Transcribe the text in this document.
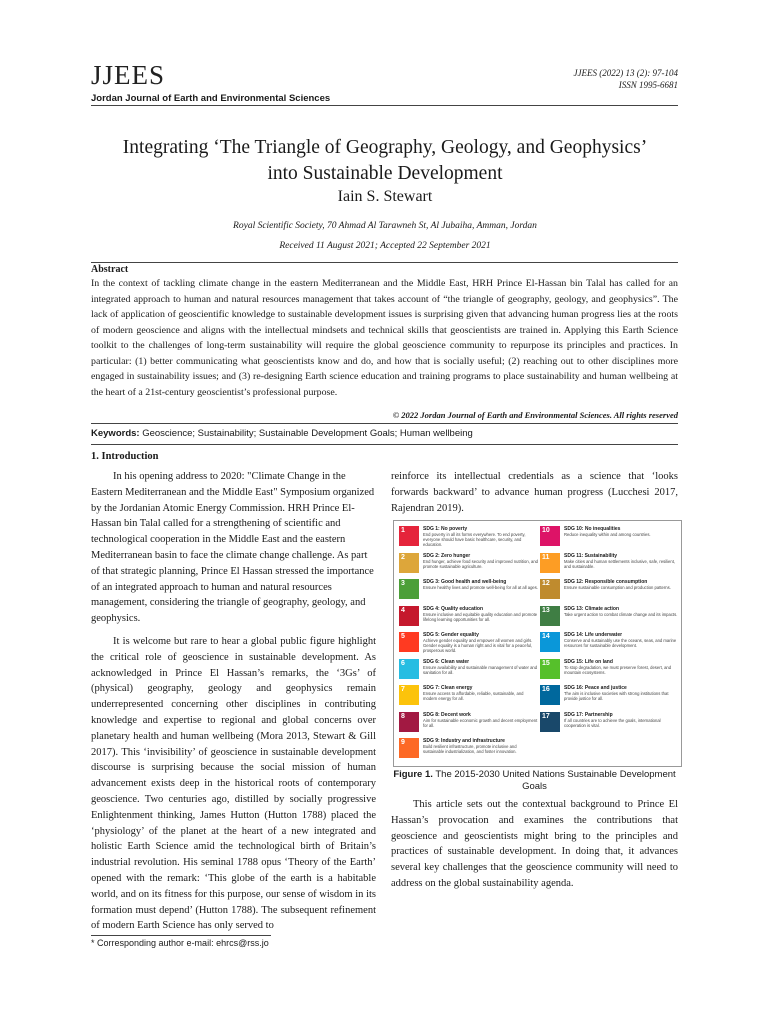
JJEES
Jordan Journal of Earth and Environmental Sciences
JJEES (2022) 13 (2): 97-104
ISSN 1995-6681
Integrating ‘The Triangle of Geography, Geology, and Geophysics’
into Sustainable Development
Iain S. Stewart
Royal Scientific Society, 70 Ahmad Al Tarawneh St, Al Jubaiha, Amman, Jordan
Received 11 August 2021; Accepted 22 September 2021
Abstract
In the context of tackling climate change in the eastern Mediterranean and the Middle East, HRH Prince El-Hassan bin Talal has called for an integrated approach to human and natural resources management that takes account of “the triangle of geography, geology, and geophysics”. The lack of application of geoscientific knowledge to sustainable development issues is surprising given that advancing human progress lies at the roots of modern geoscience and aligns with the intellectual mindsets and technical skills that geoscientists are trained in. Applying this Earth Science toolkit to the challenges of long-term sustainability will require the global geoscience community to repurpose its principles and practices. In particular: (1) better communicating what geoscientists know and do, and how that is socially useful; (2) reaching out to other disciplines more engaged in sustainability issues; and (3) re-designing Earth science education and training programs to place sustainability and human wellbeing at the heart of a 21st-century geoscientist’s professional purpose.
© 2022 Jordan Journal of Earth and Environmental Sciences. All rights reserved
Keywords: Geoscience; Sustainability; Sustainable Development Goals; Human wellbeing
1. Introduction

In his opening address to 2020: "Climate Change in the Eastern Mediterranean and the Middle East" Symposium organized by the Jordanian Atomic Energy Commission. HRH Prince El-Hassan bin Talal called for a strengthening of scientific and technological cooperation in the Middle East and the eastern Mediterranean basin to face the climate change challenge. As part of that strategic planning, Prince El Hassan stressed the importance of an integrated approach to human and natural resources management, considering the triangle of geography, geology, and geophysics.

It is welcome but rare to hear a global public figure highlight the critical role of geoscience in sustainable development. As acknowledged in Prince El Hassan’s remarks, the ‘3Gs’ of (physical) geography, geology and geophysics remain underrepresented concerning other disciplines in contributing knowledge and expertise to regional and global concerns over planetary health and human wellbeing (Mora 2013, Stewart & Gill 2017). This ‘invisibility’ of geoscience in sustainable development discourse is surprising because the social mission of human advancement exists deep in the historical roots of contemporary geoscience. Two centuries ago, distilled by socially progressive Enlightenment thinking, James Hutton (Hutton 1788) placed the ‘physiology’ of the planet at the heart of a new integrated and holistic Earth Science amid the technological birth of Britain’s industrial revolution. His seminal 1788 opus ‘Theory of the Earth’ opened with the remark: ‘This globe of the earth is a habitable world, and on its fitness for this purpose, our sense of wisdom in its formation must depend’ (Hutton 1788). The subsequent refinement of modern Earth Science has only served to

reinforce its intellectual credentials as a science that ‘looks forwards backward’ to advance human progress (Lucchesi 2017, Rajendran 2019).
1	SDG 1: No poverty
End poverty in all its forms everywhere. To end poverty, everyone should have basic healthcare, security, and education.
2	SDG 2: Zero hunger
End hunger, achieve food security and improved nutrition, and promote sustainable agriculture.
3	SDG 3: Good health and well-being
Ensure healthy lives and promote well-being for all at all ages.
4	SDG 4: Quality education
Ensure inclusive and equitable quality education and promote lifelong learning opportunities for all.
5	SDG 5: Gender equality
Achieve gender equality and empower all women and girls. Gender equality is a human right and is vital for a peaceful, prosperous world.
6	SDG 6: Clean water
Ensure availability and sustainable management of water and sanitation for all.
7	SDG 7: Clean energy
Ensure access to affordable, reliable, sustainable, and modern energy for all.
8	SDG 8: Decent work
Aim for sustainable economic growth and decent employment for all.
9	SDG 9: Industry and infrastructure
Build resilient infrastructure, promote inclusive and sustainable industrialization, and foster innovation.
10	SDG 10: No inequalities
Reduce inequality within and among countries.
11	SDG 11: Sustainability
Make cities and human settlements inclusive, safe, resilient, and sustainable.
12	SDG 12: Responsible consumption
Ensure sustainable consumption and production patterns.
13	SDG 13: Climate action
Take urgent action to combat climate change and its impacts.
14	SDG 14: Life underwater
Conserve and sustainably use the oceans, seas, and marine resources for sustainable development.
15	SDG 15: Life on land
To stop degradation, we must preserve forest, desert, and mountain ecosystems.
16	SDG 16: Peace and justice
The aim is inclusive societies with strong institutions that provide justice for all.
17	SDG 17: Partnership
If all countries are to achieve the goals, international cooperation is vital.
Figure 1. The 2015-2030 United Nations Sustainable Development Goals

This article sets out the contextual background to Prince El Hassan’s provocation and examines the contributions that geoscience and geoscientists might bring to the principles and practices of sustainable development. In doing that, it advances several key challenges that the geoscience community will need to address on the global sustainability agenda.

* Corresponding author e-mail: ehrcs@rss.jo
